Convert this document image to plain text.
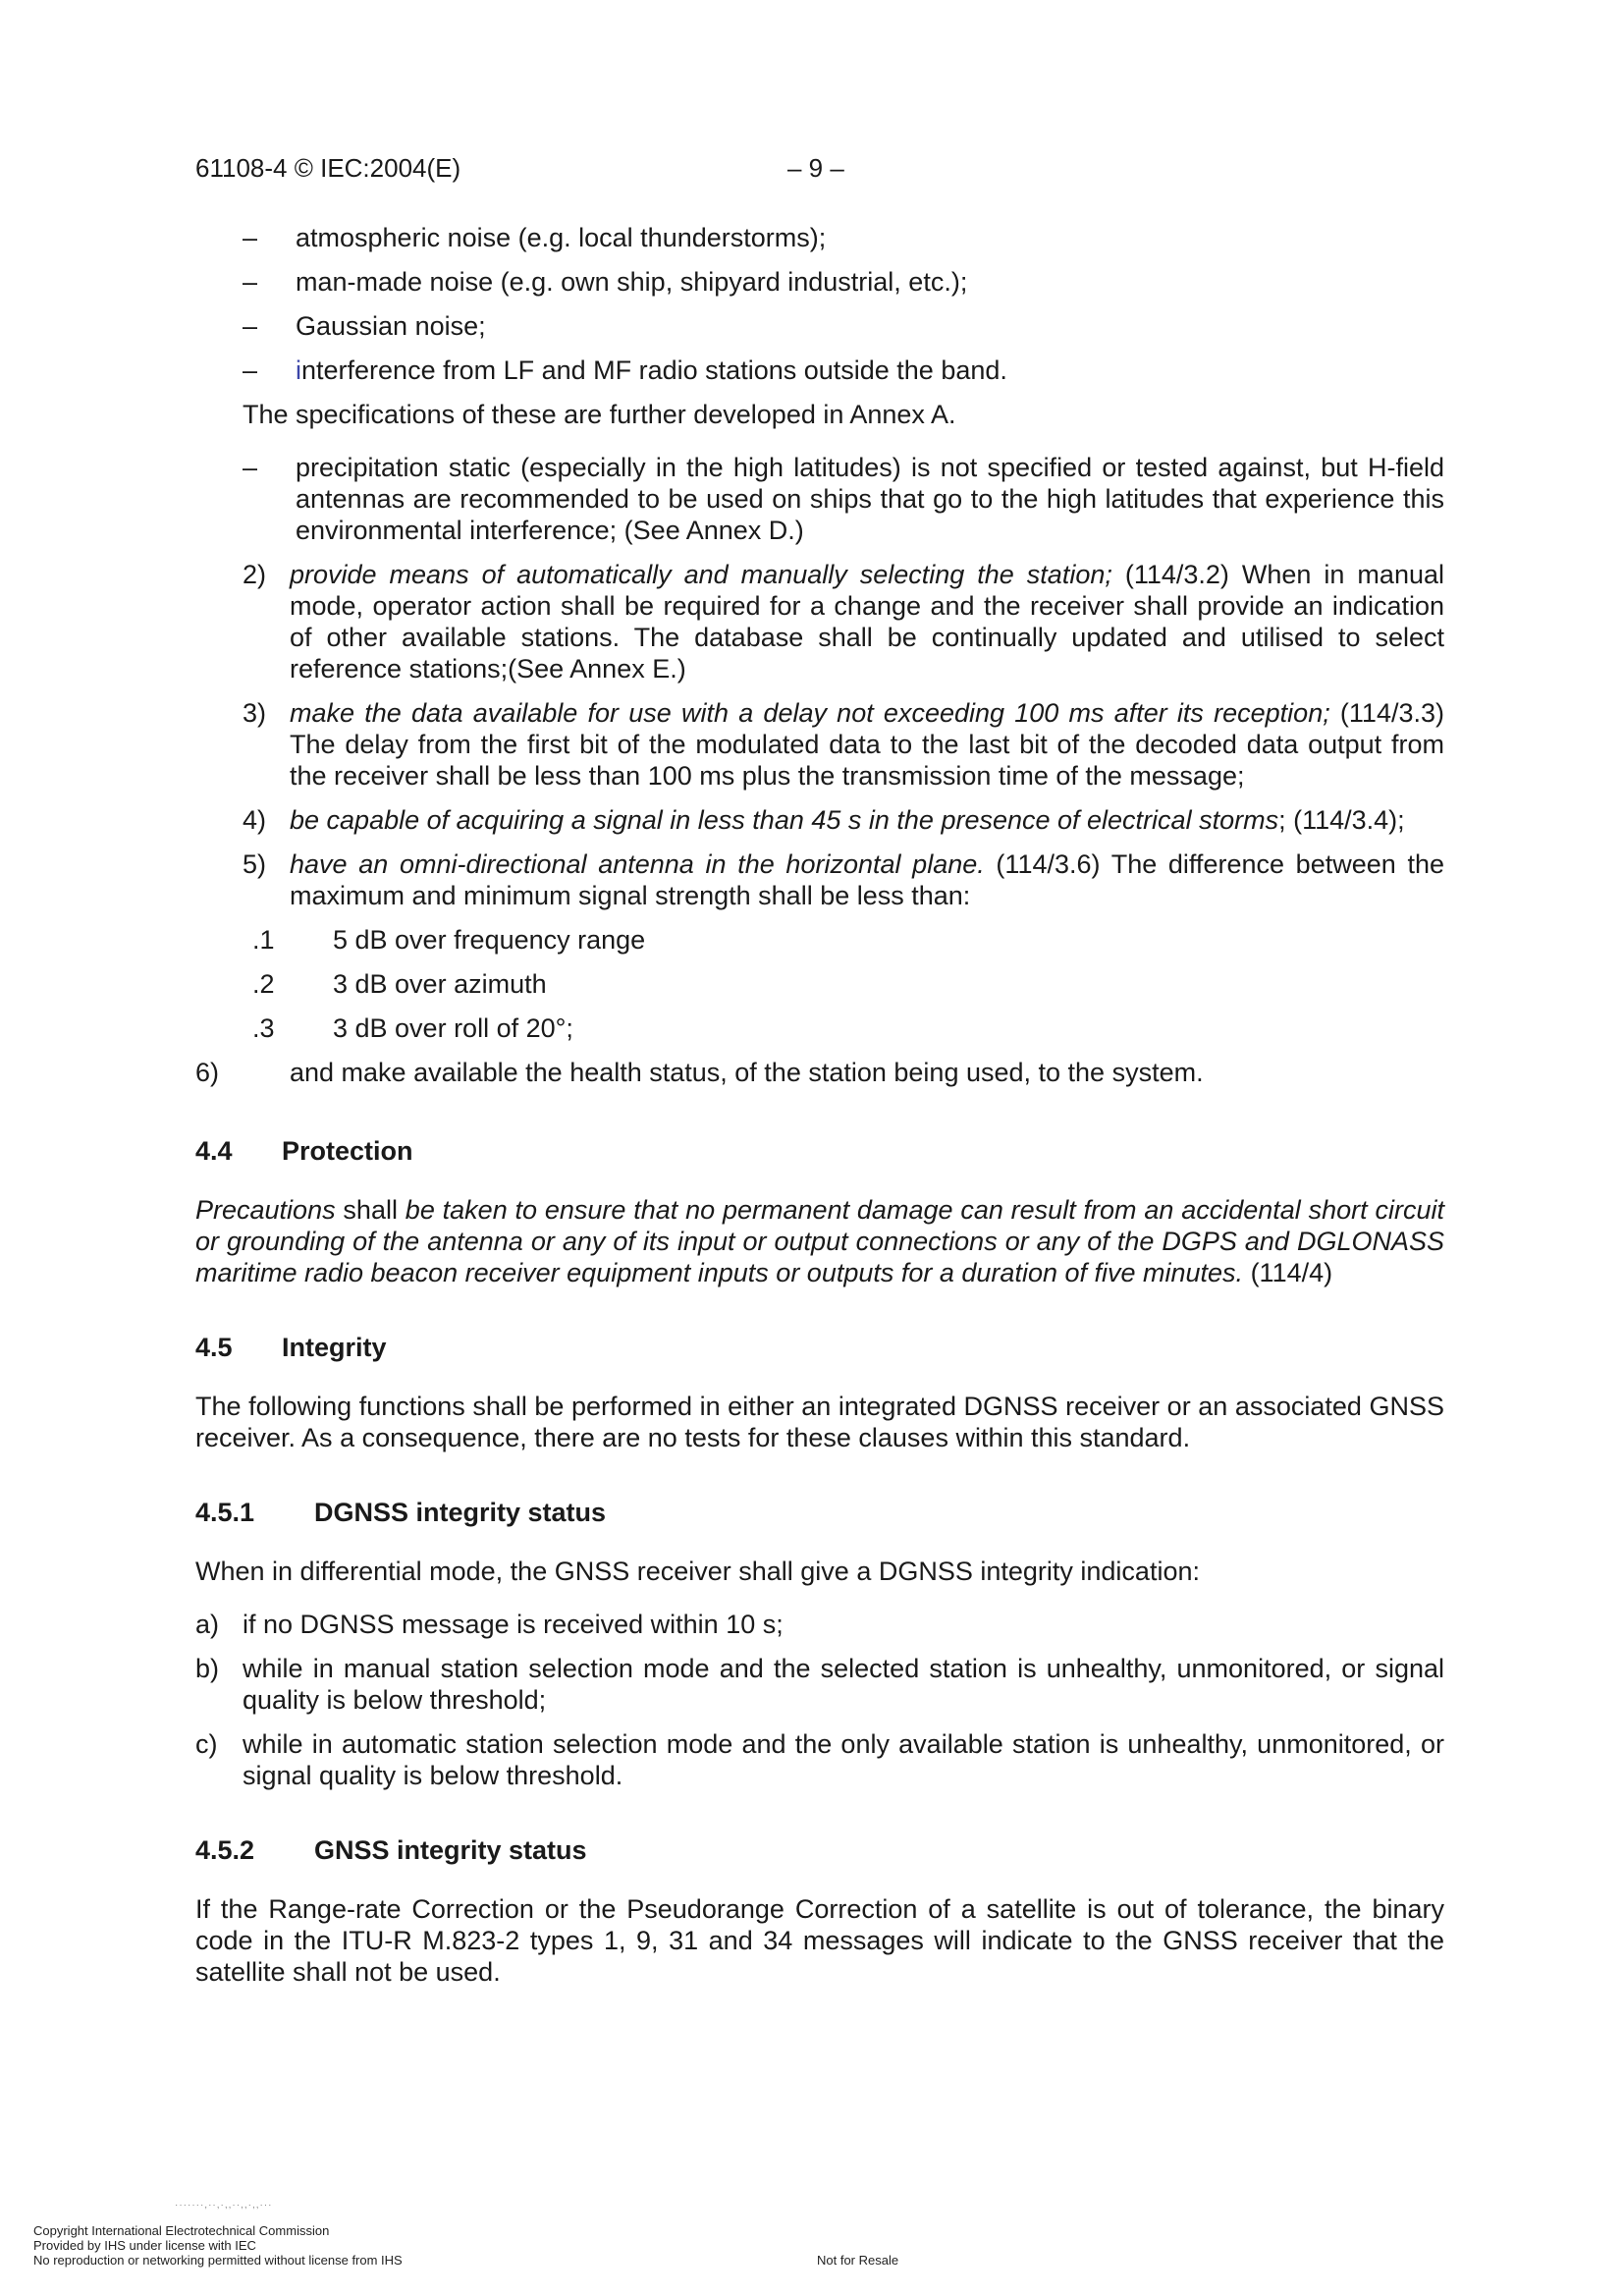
61108-4 © IEC:2004(E)	– 9 –
– atmospheric noise (e.g. local thunderstorms);
– man-made noise (e.g. own ship, shipyard industrial, etc.);
– Gaussian noise;
– interference from LF and MF radio stations outside the band.

The specifications of these are further developed in Annex A.

– precipitation static (especially in the high latitudes) is not specified or tested against, but H-field antennas are recommended to be used on ships that go to the high latitudes that experience this environmental interference; (See Annex D.)
2) provide means of automatically and manually selecting the station; (114/3.2) When in manual mode, operator action shall be required for a change and the receiver shall provide an indication of other available stations. The database shall be continually updated and utilised to select reference stations;(See Annex E.)
3) make the data available for use with a delay not exceeding 100 ms after its reception; (114/3.3) The delay from the first bit of the modulated data to the last bit of the decoded data output from the receiver shall be less than 100 ms plus the transmission time of the message;
4) be capable of acquiring a signal in less than 45 s in the presence of electrical storms; (114/3.4);
5) have an omni-directional antenna in the horizontal plane. (114/3.6) The difference between the maximum and minimum signal strength shall be less than:
.1 5 dB over frequency range
.2 3 dB over azimuth
.3 3 dB over roll of 20°;
6)	and make available the health status, of the station being used, to the system.
4.4 Protection

Precautions shall be taken to ensure that no permanent damage can result from an accidental short circuit or grounding of the antenna or any of its input or output connections or any of the DGPS and DGLONASS maritime radio beacon receiver equipment inputs or outputs for a duration of five minutes. (114/4)

4.5 Integrity

The following functions shall be performed in either an integrated DGNSS receiver or an associated GNSS receiver. As a consequence, there are no tests for these clauses within this standard.

4.5.1 DGNSS integrity status

When in differential mode, the GNSS receiver shall give a DGNSS integrity indication:

a) if no DGNSS message is received within 10 s;
b) while in manual station selection mode and the selected station is unhealthy, unmonitored, or signal quality is below threshold;
c) while in automatic station selection mode and the only available station is unhealthy, unmonitored, or signal quality is below threshold.
4.5.2 GNSS integrity status

If the Range-rate Correction or the Pseudorange Correction of a satellite is out of tolerance, the binary code in the ITU-R M.823-2 types 1, 9, 31 and 34 messages will indicate to the GNSS receiver that the satellite shall not be used.

·······,··,·,,··,,·,,···
Copyright International Electrotechnical Commission
Provided by IHS under license with IEC
No reproduction or networking permitted without license from IHS	Not for Resale
